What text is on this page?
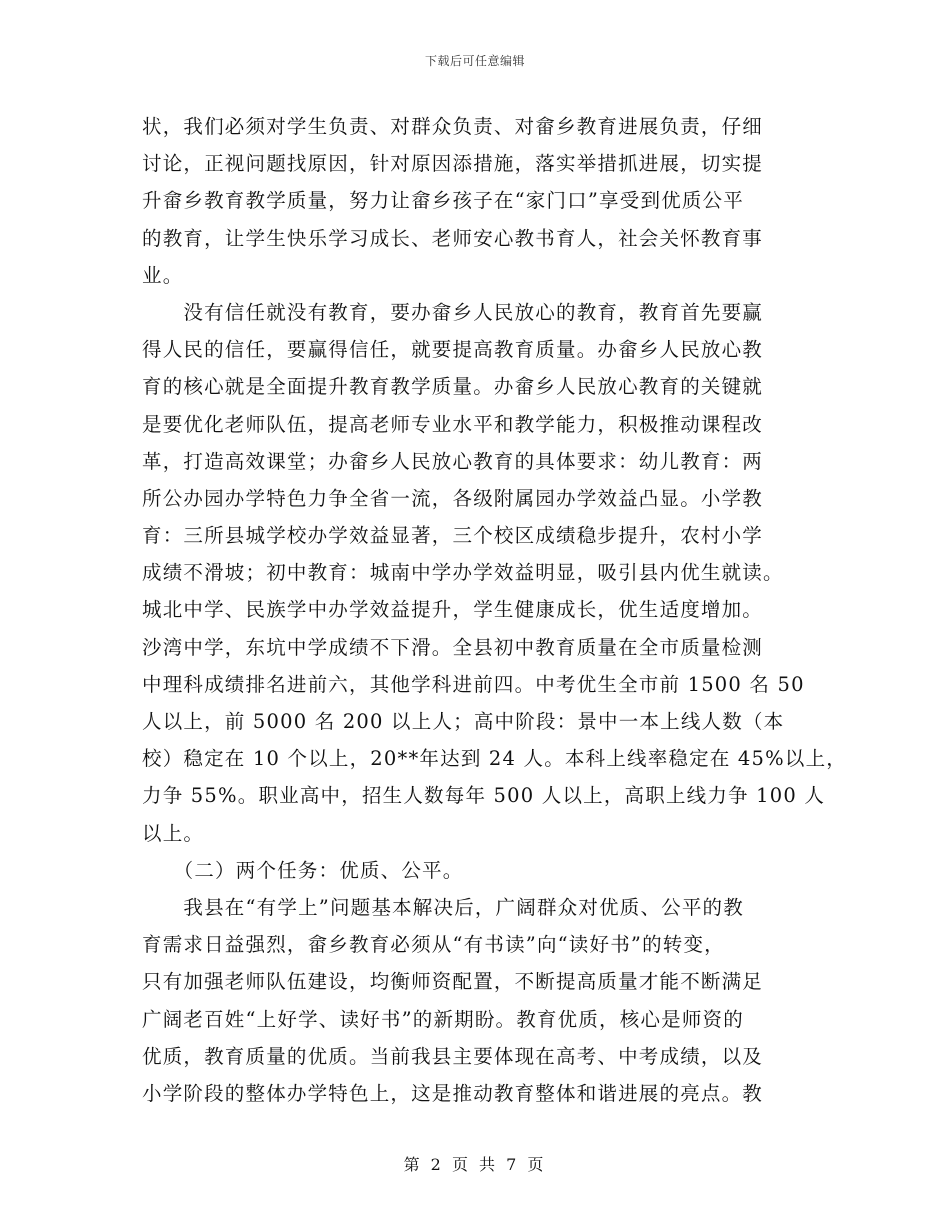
下载后可任意编辑
状，我们必须对学生负责、对群众负责、对畲乡教育进展负责，仔细
讨论，正视问题找原因，针对原因添措施，落实举措抓进展，切实提
升畲乡教育教学质量，努力让畲乡孩子在“家门口”享受到优质公平
的教育，让学生快乐学习成长、老师安心教书育人，社会关怀教育事
业。
　　没有信任就没有教育，要办畲乡人民放心的教育，教育首先要赢
得人民的信任，要赢得信任，就要提高教育质量。办畲乡人民放心教
育的核心就是全面提升教育教学质量。办畲乡人民放心教育的关键就
是要优化老师队伍，提高老师专业水平和教学能力，积极推动课程改
革，打造高效课堂；办畲乡人民放心教育的具体要求：幼儿教育：两
所公办园办学特色力争全省一流，各级附属园办学效益凸显。小学教
育：三所县城学校办学效益显著，三个校区成绩稳步提升，农村小学
成绩不滑坡；初中教育：城南中学办学效益明显，吸引县内优生就读。
城北中学、民族学中办学效益提升，学生健康成长，优生适度增加。
沙湾中学，东坑中学成绩不下滑。全县初中教育质量在全市质量检测
中理科成绩排名进前六，其他学科进前四。中考优生全市前 1500 名 50
人以上，前 5000 名 200 以上人；高中阶段：景中一本上线人数（本
校）稳定在 10 个以上，20**年达到 24 人。本科上线率稳定在 45%以上，
力争 55%。职业高中，招生人数每年 500 人以上，高职上线力争 100 人
以上。
　　（二）两个任务：优质、公平。
　　我县在“有学上”问题基本解决后，广阔群众对优质、公平的教
育需求日益强烈，畲乡教育必须从“有书读”向“读好书”的转变，
只有加强老师队伍建设，均衡师资配置，不断提高质量才能不断满足
广阔老百姓“上好学、读好书”的新期盼。教育优质，核心是师资的
优质，教育质量的优质。当前我县主要体现在高考、中考成绩，以及
小学阶段的整体办学特色上，这是推动教育整体和谐进展的亮点。教
第 2 页 共 7 页
